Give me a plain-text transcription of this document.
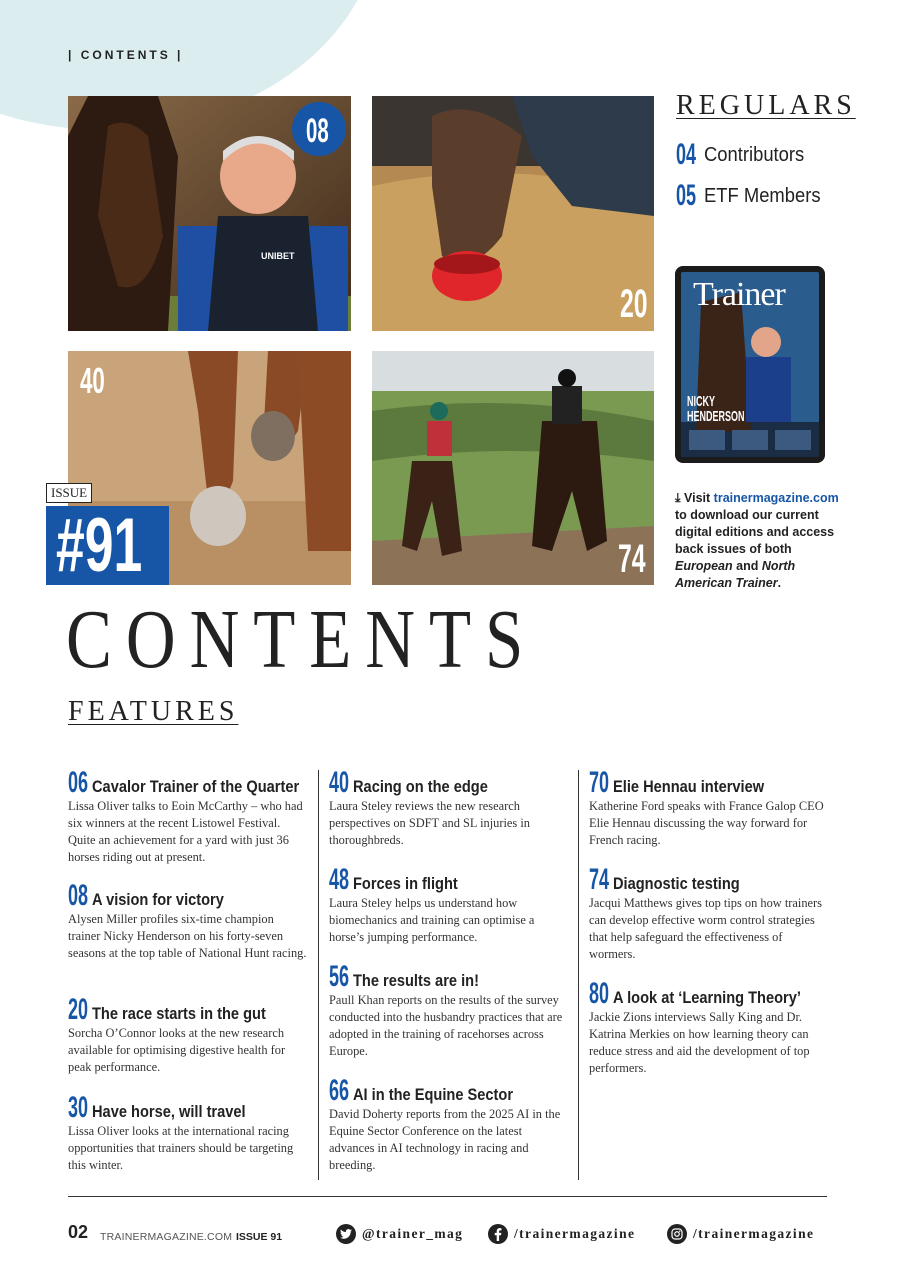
| CONTENTS |
UNIBET
08
20
40
74
ISSUE
#91
REGULARS
04 Contributors
05 ETF Members
Trainer
NICKY
HENDERSON
⤓ Visit trainermagazine.com to download our current digital editions and access back issues of both European and North American Trainer.
CONTENTS
FEATURES
06 Cavalor Trainer of the Quarter
Lissa Oliver talks to Eoin McCarthy – who had six winners at the recent Listowel Festival. Quite an achievement for a yard with just 36 horses riding out at present.
08 A vision for victory
Alysen Miller profiles six-time champion trainer Nicky Henderson on his forty-seven seasons at the top table of National Hunt racing.
20 The race starts in the gut
Sorcha O’Connor looks at the new research available for optimising digestive health for peak performance.
30 Have horse, will travel
Lissa Oliver looks at the international racing opportunities that trainers should be targeting this winter.
40 Racing on the edge
Laura Steley reviews the new research perspectives on SDFT and SL injuries in thoroughbreds.
48 Forces in flight
Laura Steley helps us understand how biomechanics and training can optimise a horse’s jumping performance.
56 The results are in!
Paull Khan reports on the results of the survey conducted into the husbandry practices that are adopted in the training of racehorses across Europe.
66 AI in the Equine Sector
David Doherty reports from the 2025 AI in the Equine Sector Conference on the latest advances in AI technology in racing and breeding.
70 Elie Hennau interview
Katherine Ford speaks with France Galop CEO Elie Hennau discussing the way forward for French racing.
74 Diagnostic testing
Jacqui Matthews gives top tips on how trainers can develop effective worm control strategies that help safeguard the effectiveness of wormers.
80 A look at ‘Learning Theory’
Jackie Zions interviews Sally King and Dr. Katrina Merkies on how learning theory can reduce stress and aid the development of top performers.
02 TRAINERMAGAZINE.COM ISSUE 91	@trainer_mag	/trainermagazine	/trainermagazine
